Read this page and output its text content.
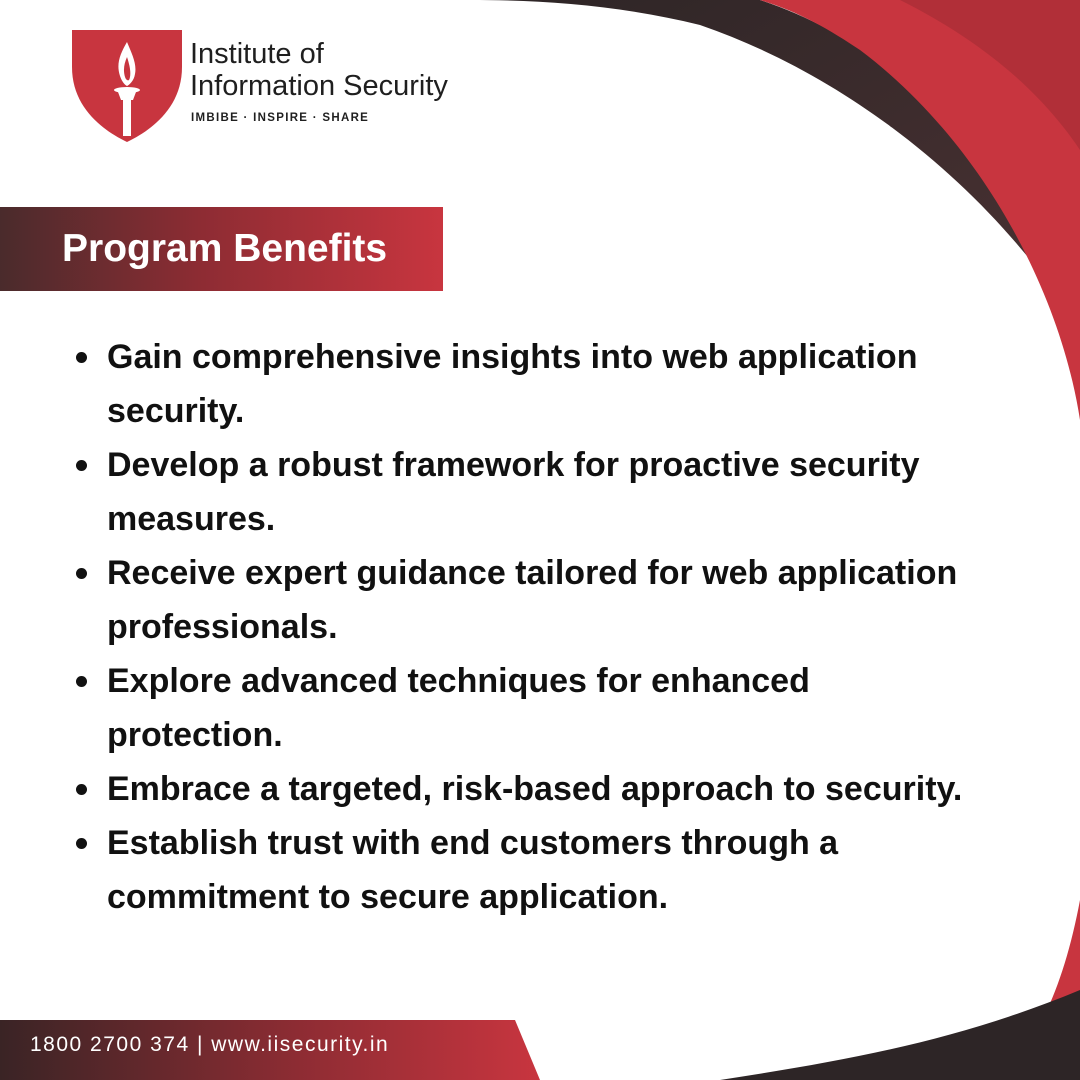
Institute of
Information Security
IMBIBE · INSPIRE · SHARE
Program Benefits
Gain comprehensive insights into web application
security.
Develop a robust framework for proactive security
measures.
Receive expert guidance tailored for web application
professionals.
Explore advanced techniques for enhanced
protection.
Embrace a targeted, risk-based approach to security.
Establish trust with end customers through a
commitment to secure application.
1800 2700 374 | www.iisecurity.in
